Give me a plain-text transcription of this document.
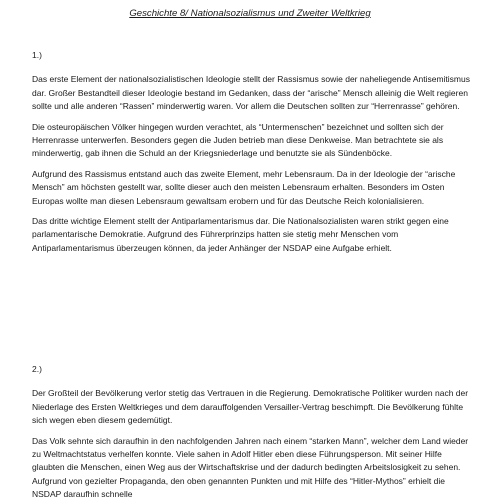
Geschichte 8/ Nationalsozialismus und Zweiter Weltkrieg
1.)

Das erste Element der nationalsozialistischen Ideologie stellt der Rassismus sowie der naheliegende Antisemitismus dar. Großer Bestandteil dieser Ideologie bestand im Gedanken, dass der “arische” Mensch alleinig die Welt regieren sollte und alle anderen “Rassen” minderwertig waren. Vor allem die Deutschen sollten zur “Herrenrasse” gehören.

Die osteuropäischen Völker hingegen wurden verachtet, als “Untermenschen” bezeichnet und sollten sich der Herrenrasse unterwerfen. Besonders gegen die Juden betrieb man diese Denkweise. Man betrachtete sie als minderwertig, gab ihnen die Schuld an der Kriegsniederlage und benutzte sie als Sündenböcke.

Aufgrund des Rassismus entstand auch das zweite Element, mehr Lebensraum. Da in der Ideologie der “arische Mensch” am höchsten gestellt war, sollte dieser auch den meisten Lebensraum erhalten. Besonders im Osten Europas wollte man diesen Lebensraum gewaltsam erobern und für das Deutsche Reich kolonialisieren.

Das dritte wichtige Element stellt der Antiparlamentarismus dar. Die Nationalsozialisten waren strikt gegen eine parlamentarische Demokratie. Aufgrund des Führerprinzips hatten sie stetig mehr Menschen vom Antiparlamentarismus überzeugen können, da jeder Anhänger der NSDAP eine Aufgabe erhielt.

2.)

Der Großteil der Bevölkerung verlor stetig das Vertrauen in die Regierung. Demokratische Politiker wurden nach der Niederlage des Ersten Weltkrieges und dem darauffolgenden Versailler-Vertrag beschimpft. Die Bevölkerung fühlte sich wegen eben diesem gedemütigt.

Das Volk sehnte sich daraufhin in den nachfolgenden Jahren nach einem “starken Mann”, welcher dem Land wieder zu Weltmachtstatus verhelfen konnte. Viele sahen in Adolf Hitler eben diese Führungsperson. Mit seiner Hilfe glaubten die Menschen, einen Weg aus der Wirtschaftskrise und der dadurch bedingten Arbeitslosigkeit zu sehen. Aufgrund von gezielter Propaganda, den oben genannten Punkten und mit Hilfe des “Hitler-Mythos” erhielt die NSDAP daraufhin schnelle
